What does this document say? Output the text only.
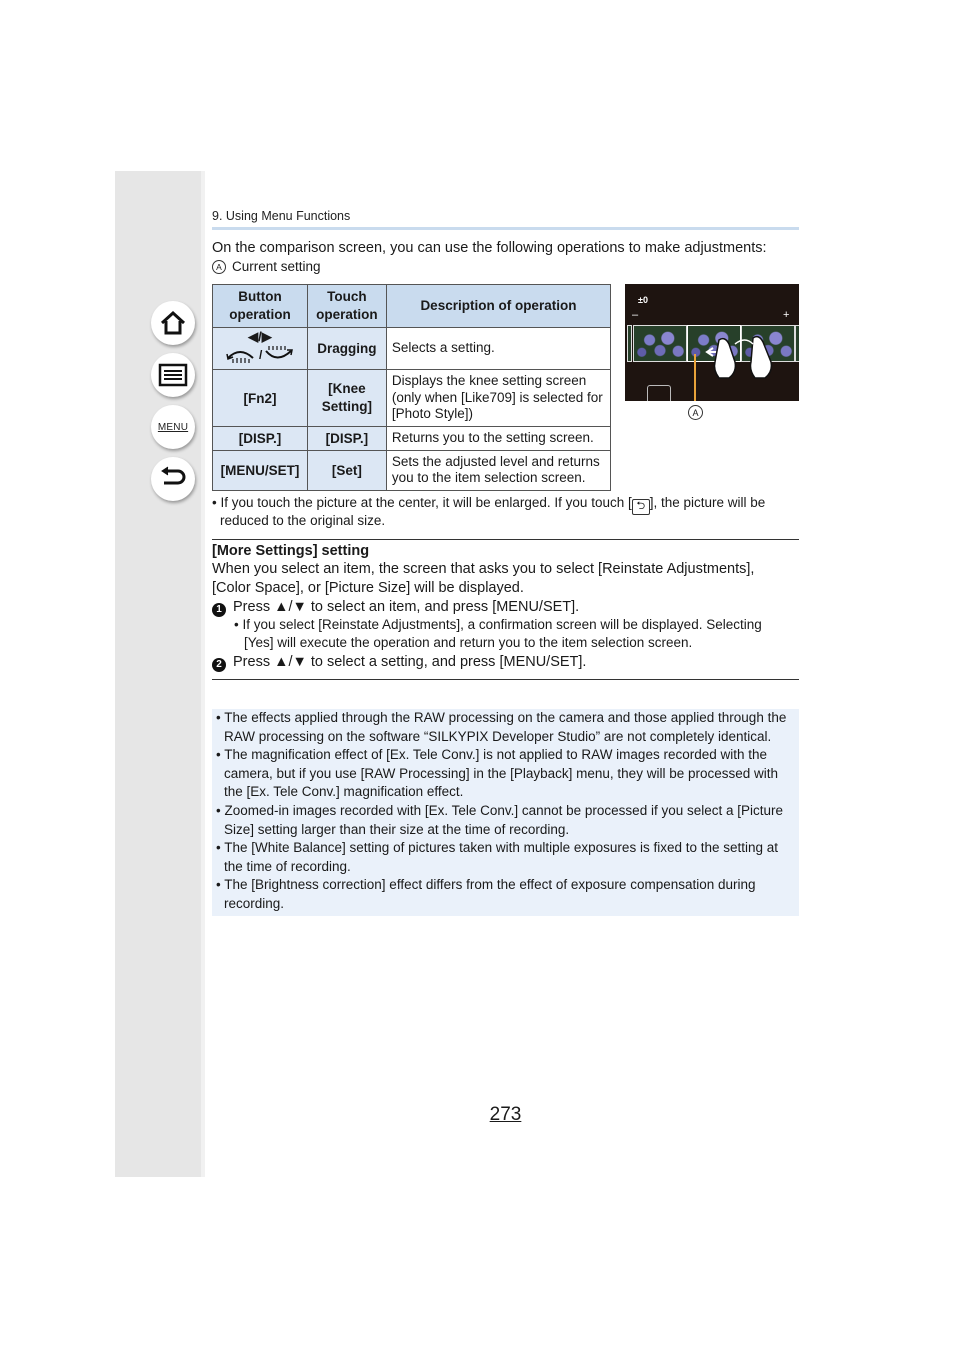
MENU
9. Using Menu Functions
On the comparison screen, you can use the following operations to make adjustments:
A Current setting
Button operation	Touch operation	Description of operation

◀/▶
/	Dragging	Selects a setting.
[Fn2]	[Knee Setting]	Displays the knee setting screen (only when [Like709] is selected for [Photo Style])
[DISP.]	[DISP.]	Returns you to the setting screen.
[MENU/SET]	[Set]	Sets the adjusted level and returns you to the item selection screen.
±0
–	+
A
• If you touch the picture at the center, it will be enlarged. If you touch [ ⮌ ], the picture will be
reduced to the original size.
[More Settings] setting
When you select an item, the screen that asks you to select [Reinstate Adjustments],
[Color Space], or [Picture Size] will be displayed.
1 Press ▲/▼ to select an item, and press [MENU/SET].
• If you select [Reinstate Adjustments], a confirmation screen will be displayed. Selecting
[Yes] will execute the operation and return you to the item selection screen.
2 Press ▲/▼ to select a setting, and press [MENU/SET].
• The effects applied through the RAW processing on the camera and those applied through the RAW processing on the software “SILKYPIX Developer Studio” are not completely identical.
• The magnification effect of [Ex. Tele Conv.] is not applied to RAW images recorded with the camera, but if you use [RAW Processing] in the [Playback] menu, they will be processed with the [Ex. Tele Conv.] magnification effect.
• Zoomed-in images recorded with [Ex. Tele Conv.] cannot be processed if you select a [Picture Size] setting larger than their size at the time of recording.
• The [White Balance] setting of pictures taken with multiple exposures is fixed to the setting at the time of recording.
• The [Brightness correction] effect differs from the effect of exposure compensation during recording.
273
